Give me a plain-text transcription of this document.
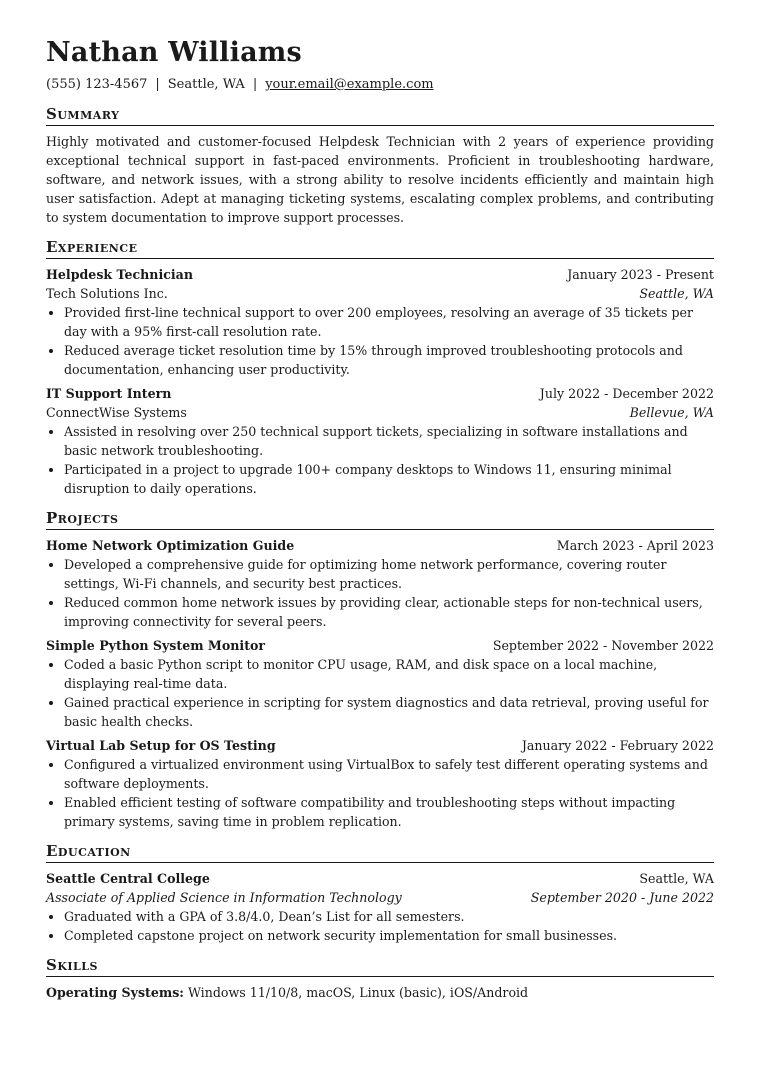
Nathan Williams
(555) 123-4567 | Seattle, WA | your.email@example.com
Summary

Highly motivated and customer-focused Helpdesk Technician with 2 years of experience providing exceptional technical support in fast-paced environments. Proficient in troubleshooting hardware, software, and network issues, with a strong ability to resolve incidents efficiently and maintain high user satisfaction. Adept at managing ticketing systems, escalating complex problems, and contributing to system documentation to improve support processes.

Experience
Helpdesk Technician	January 2023 - Present
Tech Solutions Inc.	Seattle, WA
• Provided first-line technical support to over 200 employees, resolving an average of 35 tickets per day with a 95% first-call resolution rate.
• Reduced average ticket resolution time by 15% through improved troubleshooting protocols and documentation, enhancing user productivity.
IT Support Intern	July 2022 - December 2022
ConnectWise Systems	Bellevue, WA
• Assisted in resolving over 250 technical support tickets, specializing in software installations and basic network troubleshooting.
• Participated in a project to upgrade 100+ company desktops to Windows 11, ensuring minimal disruption to daily operations.
Projects
Home Network Optimization Guide	March 2023 - April 2023
• Developed a comprehensive guide for optimizing home network performance, covering router settings, Wi-Fi channels, and security best practices.
• Reduced common home network issues by providing clear, actionable steps for non-technical users, improving connectivity for several peers.
Simple Python System Monitor	September 2022 - November 2022
• Coded a basic Python script to monitor CPU usage, RAM, and disk space on a local machine, displaying real-time data.
• Gained practical experience in scripting for system diagnostics and data retrieval, proving useful for basic health checks.
Virtual Lab Setup for OS Testing	January 2022 - February 2022
• Configured a virtualized environment using VirtualBox to safely test different operating systems and software deployments.
• Enabled efficient testing of software compatibility and troubleshooting steps without impacting primary systems, saving time in problem replication.
Education
Seattle Central College	Seattle, WA
Associate of Applied Science in Information Technology	September 2020 - June 2022
• Graduated with a GPA of 3.8/4.0, Dean’s List for all semesters.
• Completed capstone project on network security implementation for small businesses.
Skills
Operating Systems: Windows 11/10/8, macOS, Linux (basic), iOS/Android
